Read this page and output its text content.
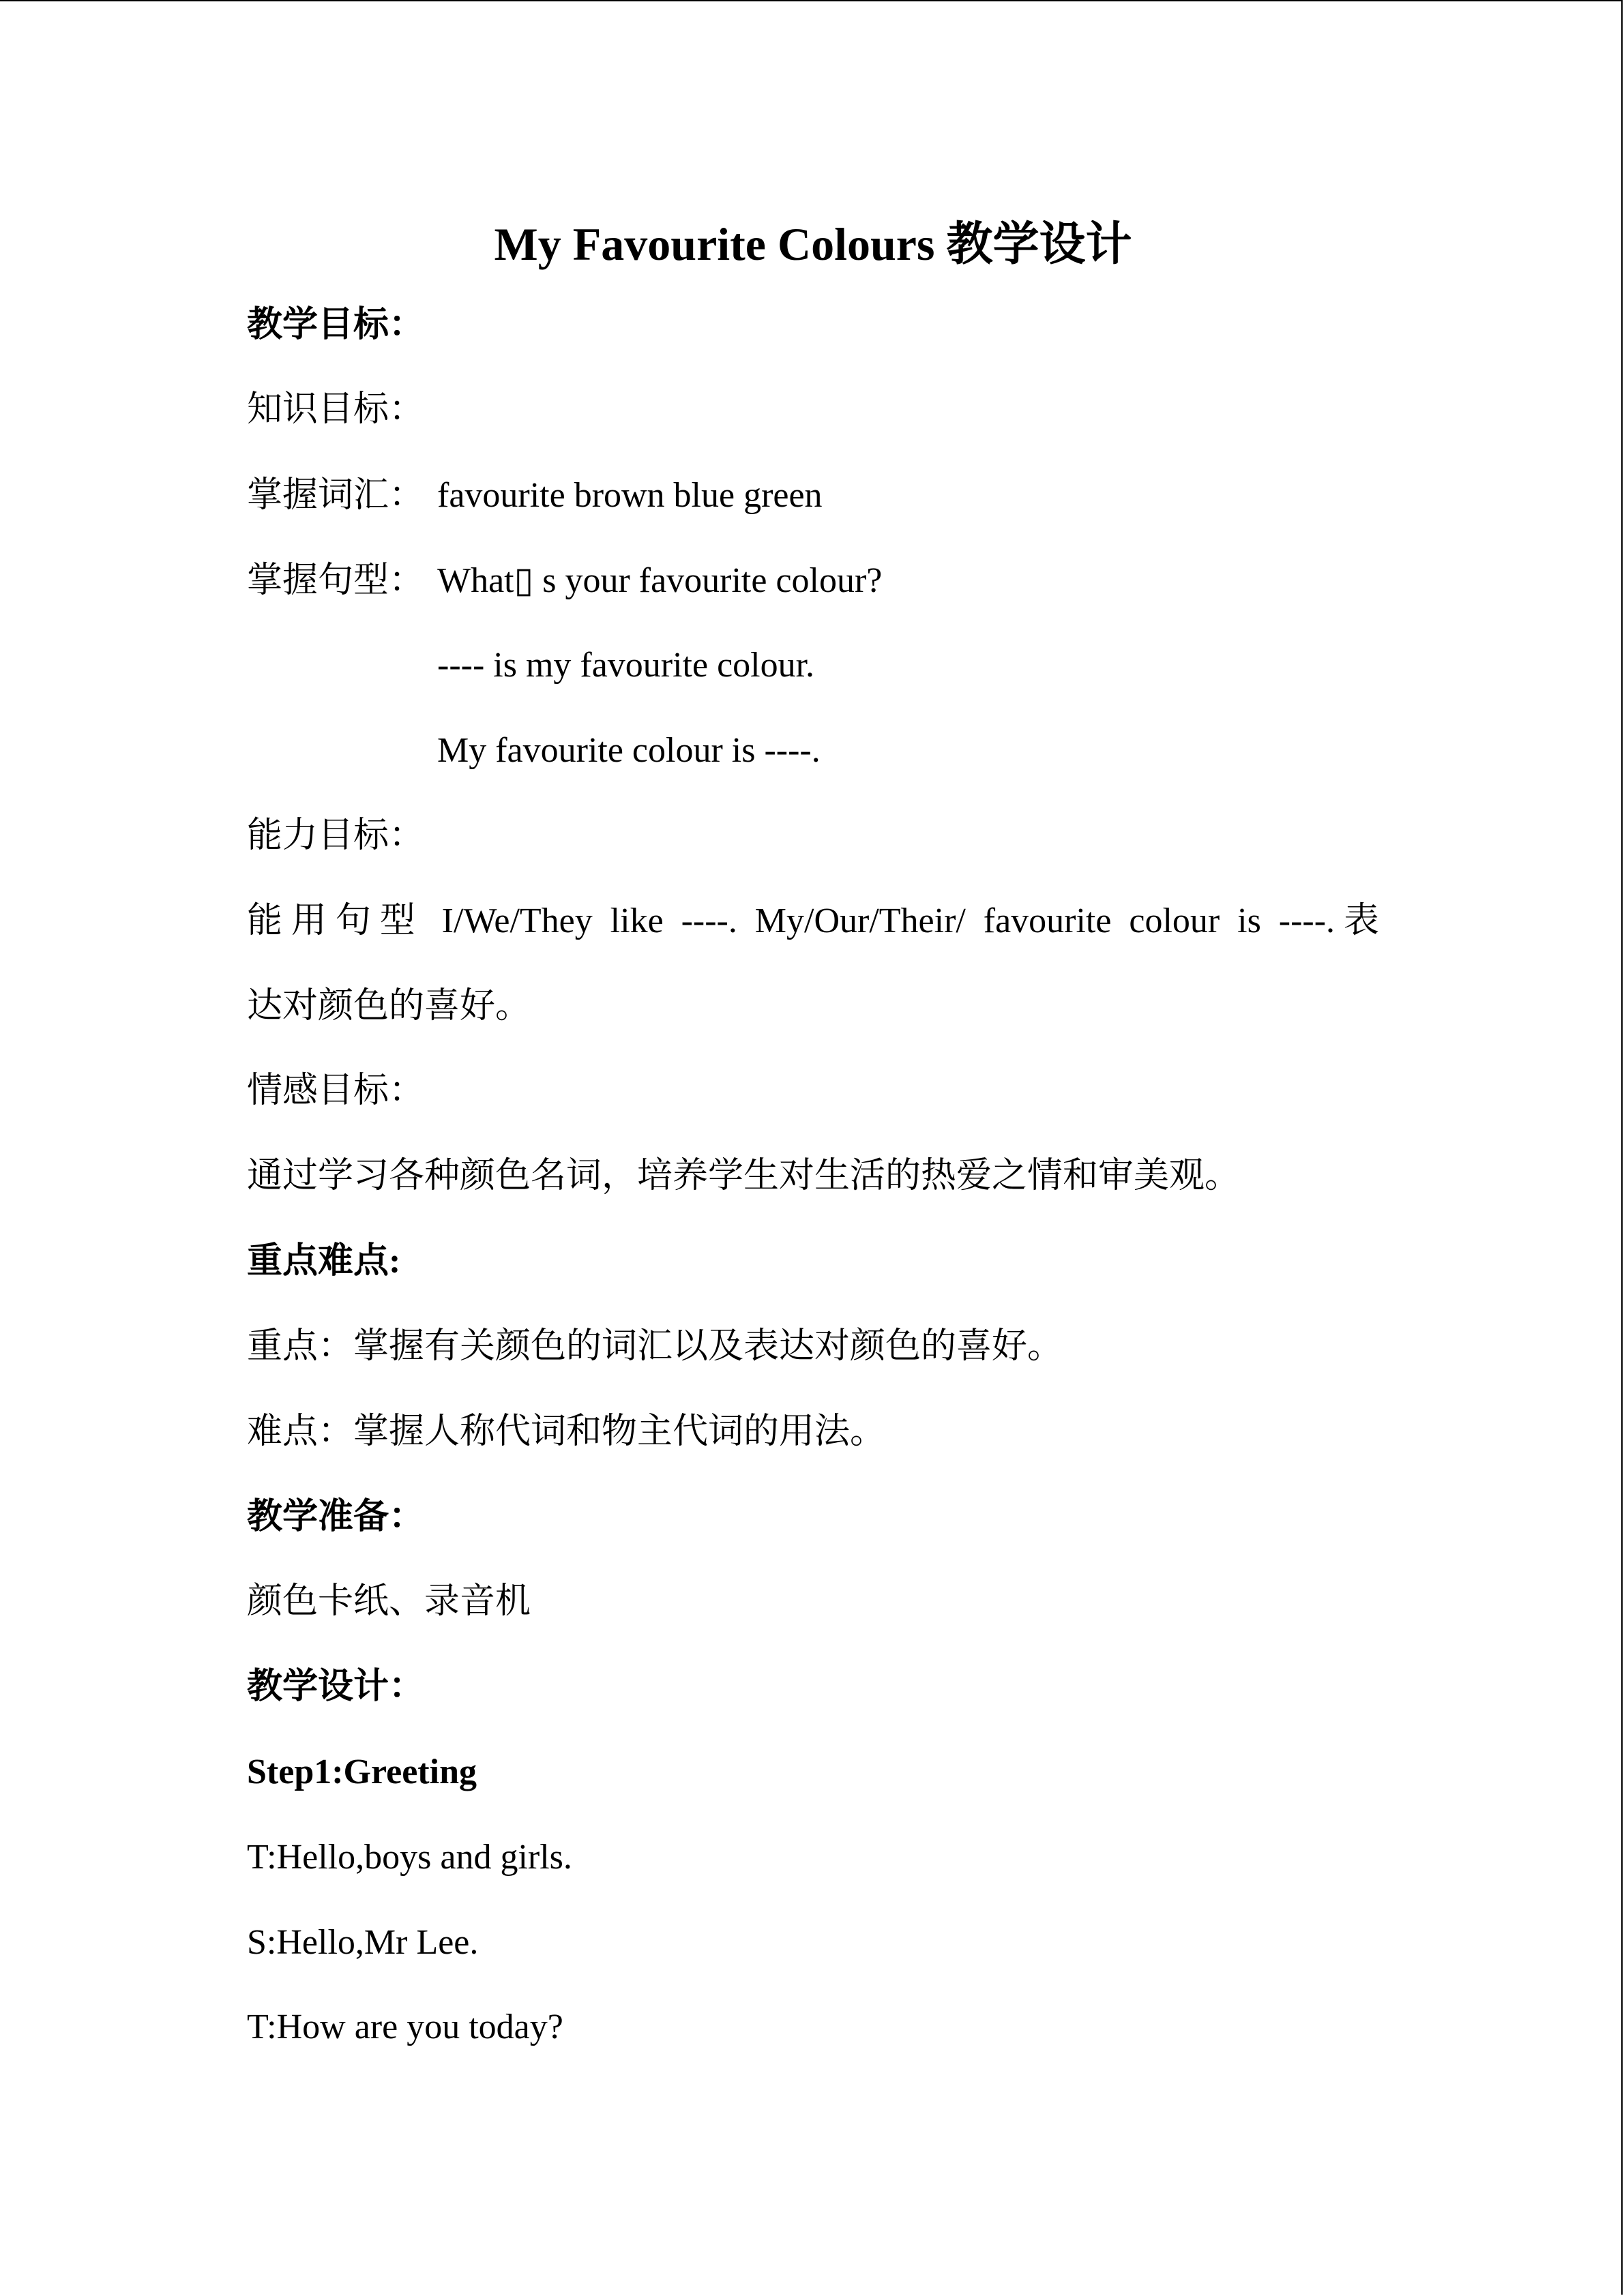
My Favourite Colours 教学设计
教学目标：
知识目标：
掌握词汇： favourite brown blue green
掌握句型： What▯ s your favourite colour?
---- is my favourite colour.
My favourite colour is ----.
能力目标：
能用句型 I/We/They like ----. My/Our/Their/ favourite colour is ----.表
达对颜色的喜好。
情感目标：
通过学习各种颜色名词，培养学生对生活的热爱之情和审美观。
重点难点:
重点：掌握有关颜色的词汇以及表达对颜色的喜好。
难点：掌握人称代词和物主代词的用法。
教学准备：
颜色卡纸、录音机
教学设计：
Step1:Greeting
T:Hello,boys and girls.
S:Hello,Mr Lee.
T:How are you today?
